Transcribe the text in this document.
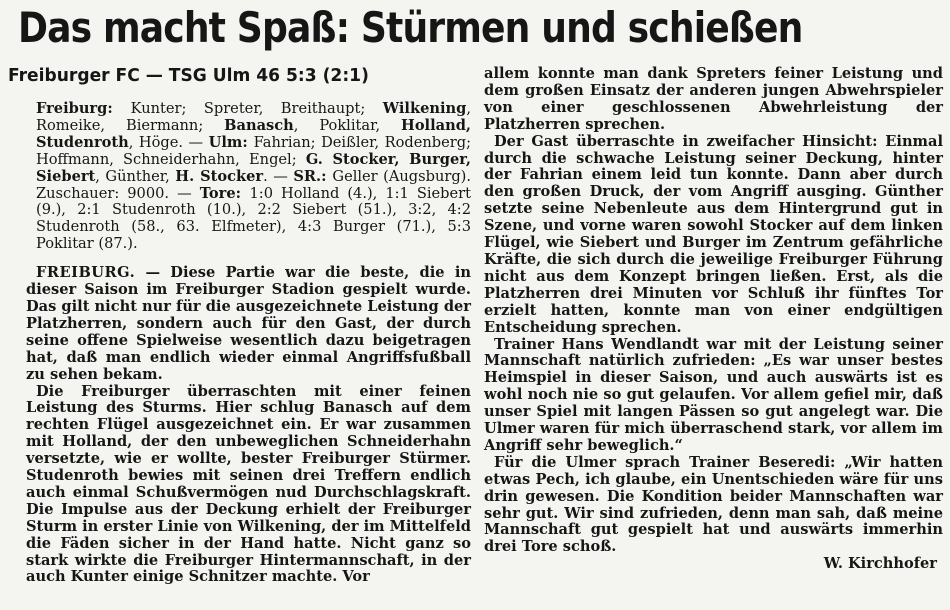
Das macht Spaß: Stürmen und schießen
Freiburger FC — TSG Ulm 46 5:3 (2:1)
Freiburg: Kunter; Spreter, Breithaupt; Wilkening, Romeike, Biermann; Banasch, Poklitar, Holland, Studenroth, Höge. — Ulm: Fahrian; Deißler, Rodenberg; Hoffmann, Schneiderhahn, Engel; G. Stocker, Burger, Siebert, Günther, H. Stocker. — SR.: Geller (Augsburg). Zuschauer: 9000. — Tore: 1:0 Holland (4.), 1:1 Siebert (9.), 2:1 Studenroth (10.), 2:2 Siebert (51.), 3:2, 4:2 Studenroth (58., 63. Elfmeter), 4:3 Burger (71.), 5:3 Poklitar (87.).

FREIBURG. — Diese Partie war die beste, die in dieser Saison im Freiburger Stadion gespielt wurde. Das gilt nicht nur für die ausgezeichnete Leistung der Platzherren, sondern auch für den Gast, der durch seine offene Spielweise wesentlich dazu beigetragen hat, daß man endlich wieder einmal Angriffsfußball zu sehen bekam.

Die Freiburger überraschten mit einer feinen Leistung des Sturms. Hier schlug Banasch auf dem rechten Flügel ausgezeichnet ein. Er war zusammen mit Holland, der den unbeweglichen Schneiderhahn versetzte, wie er wollte, bester Freiburger Stürmer. Studenroth bewies mit seinen drei Treffern endlich auch einmal Schußvermögen nud Durchschlagskraft. Die Impulse aus der Deckung erhielt der Freiburger Sturm in erster Linie von Wilkening, der im Mittelfeld die Fäden sicher in der Hand hatte. Nicht ganz so stark wirkte die Freiburger Hintermannschaft, in der auch Kunter einige Schnitzer machte. Vor

allem konnte man dank Spreters feiner Leistung und dem großen Einsatz der anderen jungen Abwehrspieler von einer geschlossenen Abwehrleistung der Platzherren sprechen.

Der Gast überraschte in zweifacher Hinsicht: Einmal durch die schwache Leistung seiner Deckung, hinter der Fahrian einem leid tun konnte. Dann aber durch den großen Druck, der vom Angriff ausging. Günther setzte seine Nebenleute aus dem Hintergrund gut in Szene, und vorne waren sowohl Stocker auf dem linken Flügel, wie Siebert und Burger im Zentrum gefährliche Kräfte, die sich durch die jeweilige Freiburger Führung nicht aus dem Konzept bringen ließen. Erst, als die Platzherren drei Minuten vor Schluß ihr fünftes Tor erzielt hatten, konnte man von einer endgültigen Entscheidung sprechen.

Trainer Hans Wendlandt war mit der Leistung seiner Mannschaft natürlich zufrieden: „Es war unser bestes Heimspiel in dieser Saison, und auch auswärts ist es wohl noch nie so gut gelaufen. Vor allem gefiel mir, daß unser Spiel mit langen Pässen so gut angelegt war. Die Ulmer waren für mich überraschend stark, vor allem im Angriff sehr beweglich.“

Für die Ulmer sprach Trainer Beseredi: „Wir hatten etwas Pech, ich glaube, ein Unentschieden wäre für uns drin gewesen. Die Kondition beider Mannschaften war sehr gut. Wir sind zufrieden, denn man sah, daß meine Mannschaft gut gespielt hat und auswärts immerhin drei Tore schoß.

W. Kirchhofer
